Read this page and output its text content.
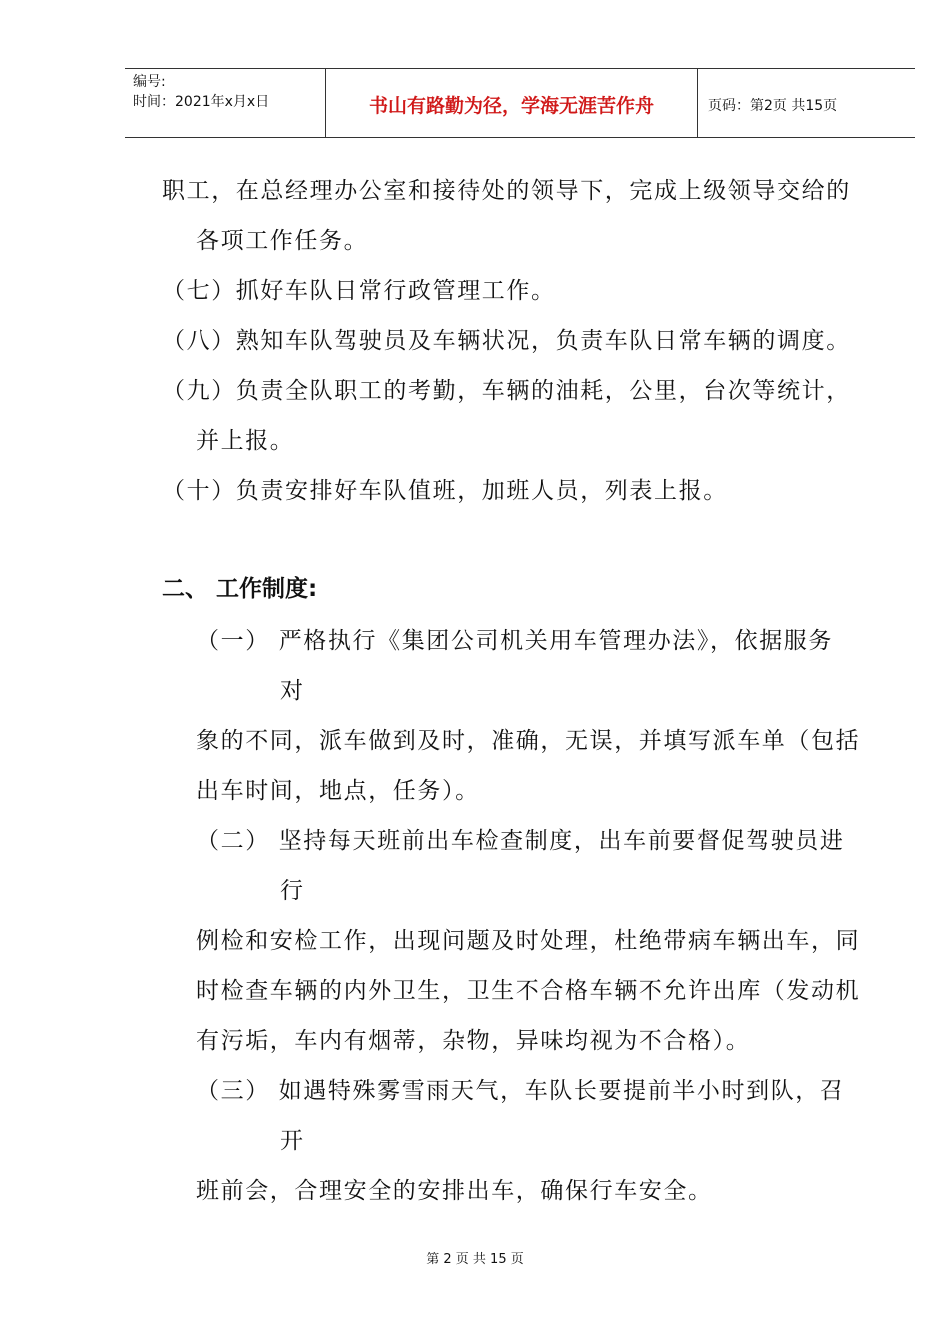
编号:
时间：2021年x月x日	书山有路勤为径，学海无涯苦作舟	页码：第2页 共15页
职工，在总经理办公室和接待处的领导下，完成上级领导交给的
各项工作任务。
（七）抓好车队日常行政管理工作。
（八）熟知车队驾驶员及车辆状况，负责车队日常车辆的调度。
（九）负责全队职工的考勤，车辆的油耗，公里，台次等统计，
并上报。
（十）负责安排好车队值班，加班人员，列表上报。
二、 工作制度:
（一） 严格执行《集团公司机关用车管理办法》，依据服务
对
象的不同，派车做到及时，准确，无误，并填写派车单（包括
出车时间，地点，任务）。
（二） 坚持每天班前出车检查制度，出车前要督促驾驶员进
行
例检和安检工作，出现问题及时处理，杜绝带病车辆出车，同
时检查车辆的内外卫生，卫生不合格车辆不允许出库（发动机
有污垢，车内有烟蒂，杂物，异味均视为不合格）。
（三） 如遇特殊雾雪雨天气，车队长要提前半小时到队，召
开
班前会，合理安全的安排出车，确保行车安全。
第 2 页 共 15 页
